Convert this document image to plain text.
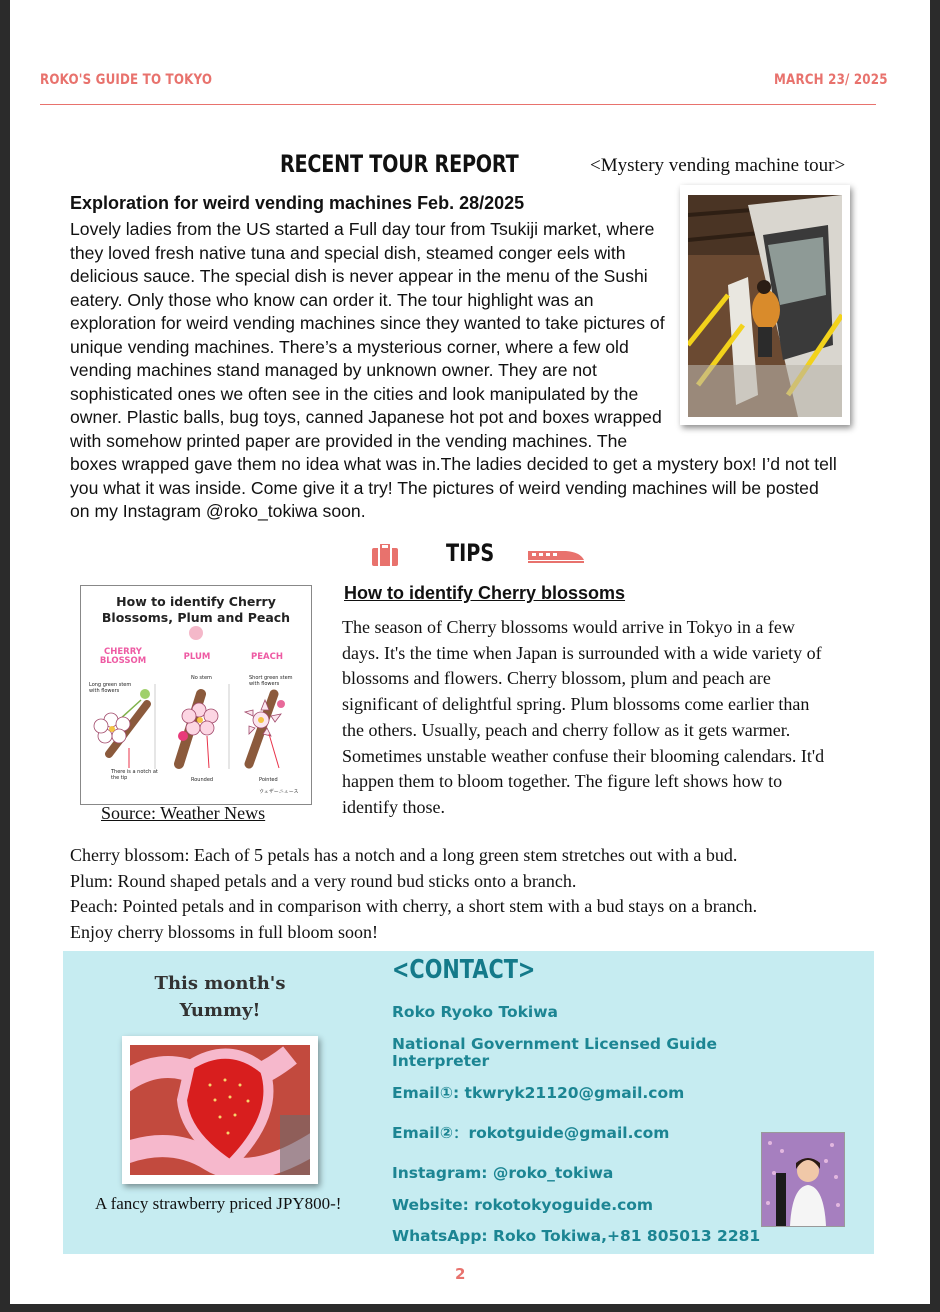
ROKO'S GUIDE TO TOKYO	MARCH 23/ 2025
RECENT TOUR REPORT	<Mystery vending machine tour>
Exploration for weird vending machines Feb. 28/2025

Lovely ladies from the US started a Full day tour from Tsukiji market, where they loved fresh native tuna and special dish, steamed conger eels with delicious sauce. The special dish is never appear in the menu of the Sushi eatery. Only those who know can order it. The tour highlight was an exploration for weird vending machines since they wanted to take pictures of unique vending machines. There’s a mysterious corner, where a few old vending machines stand managed by unknown owner. They are not sophisticated ones we often see in the cities and look manipulated by the owner. Plastic balls, bug toys, canned Japanese hot pot and boxes wrapped with somehow printed paper are provided in the vending machines. The boxes wrapped gave them no idea what was in.The ladies decided to get a mystery box! I’d not tell you what it was inside. Come give it a try! The pictures of weird vending machines will be posted on my Instagram @roko_tokiwa soon.

TIPS
How to identify Cherry
Blossoms, Plum and Peach
CHERRY
BLOSSOM	PLUM	PEACH
Long green stem
with flowers
No stem	Short green stem
with flowers
There is a notch at
the tip	Rounded	Pointed
ウェザーニュース
Source: Weather News
How to identify Cherry blossoms

The season of Cherry blossoms would arrive in Tokyo in a few days. It's the time when Japan is surrounded with a wide variety of blossoms and flowers. Cherry blossom, plum and peach are significant of delightful spring. Plum blossoms come earlier than the others. Usually, peach and cherry follow as it gets warmer. Sometimes unstable weather confuse their blooming calendars. It'd happen them to bloom together. The figure left shows how to identify those.

Cherry blossom: Each of 5 petals has a notch and a long green stem stretches out with a bud.
Plum: Round shaped petals and a very round bud sticks onto a branch.
Peach: Pointed petals and in comparison with cherry, a short stem with a bud stays on a branch.
Enjoy cherry blossoms in full bloom soon!
This month's
Yummy!
A fancy strawberry priced JPY800-!
<CONTACT>
Roko Ryoko Tokiwa
National Government Licensed Guide
Interpreter
Email①: tkwryk21120@gmail.com
Email②：rokotguide@gmail.com
Instagram: @roko_tokiwa
Website: rokotokyoguide.com
WhatsApp: Roko Tokiwa,+81 805013 2281
2
